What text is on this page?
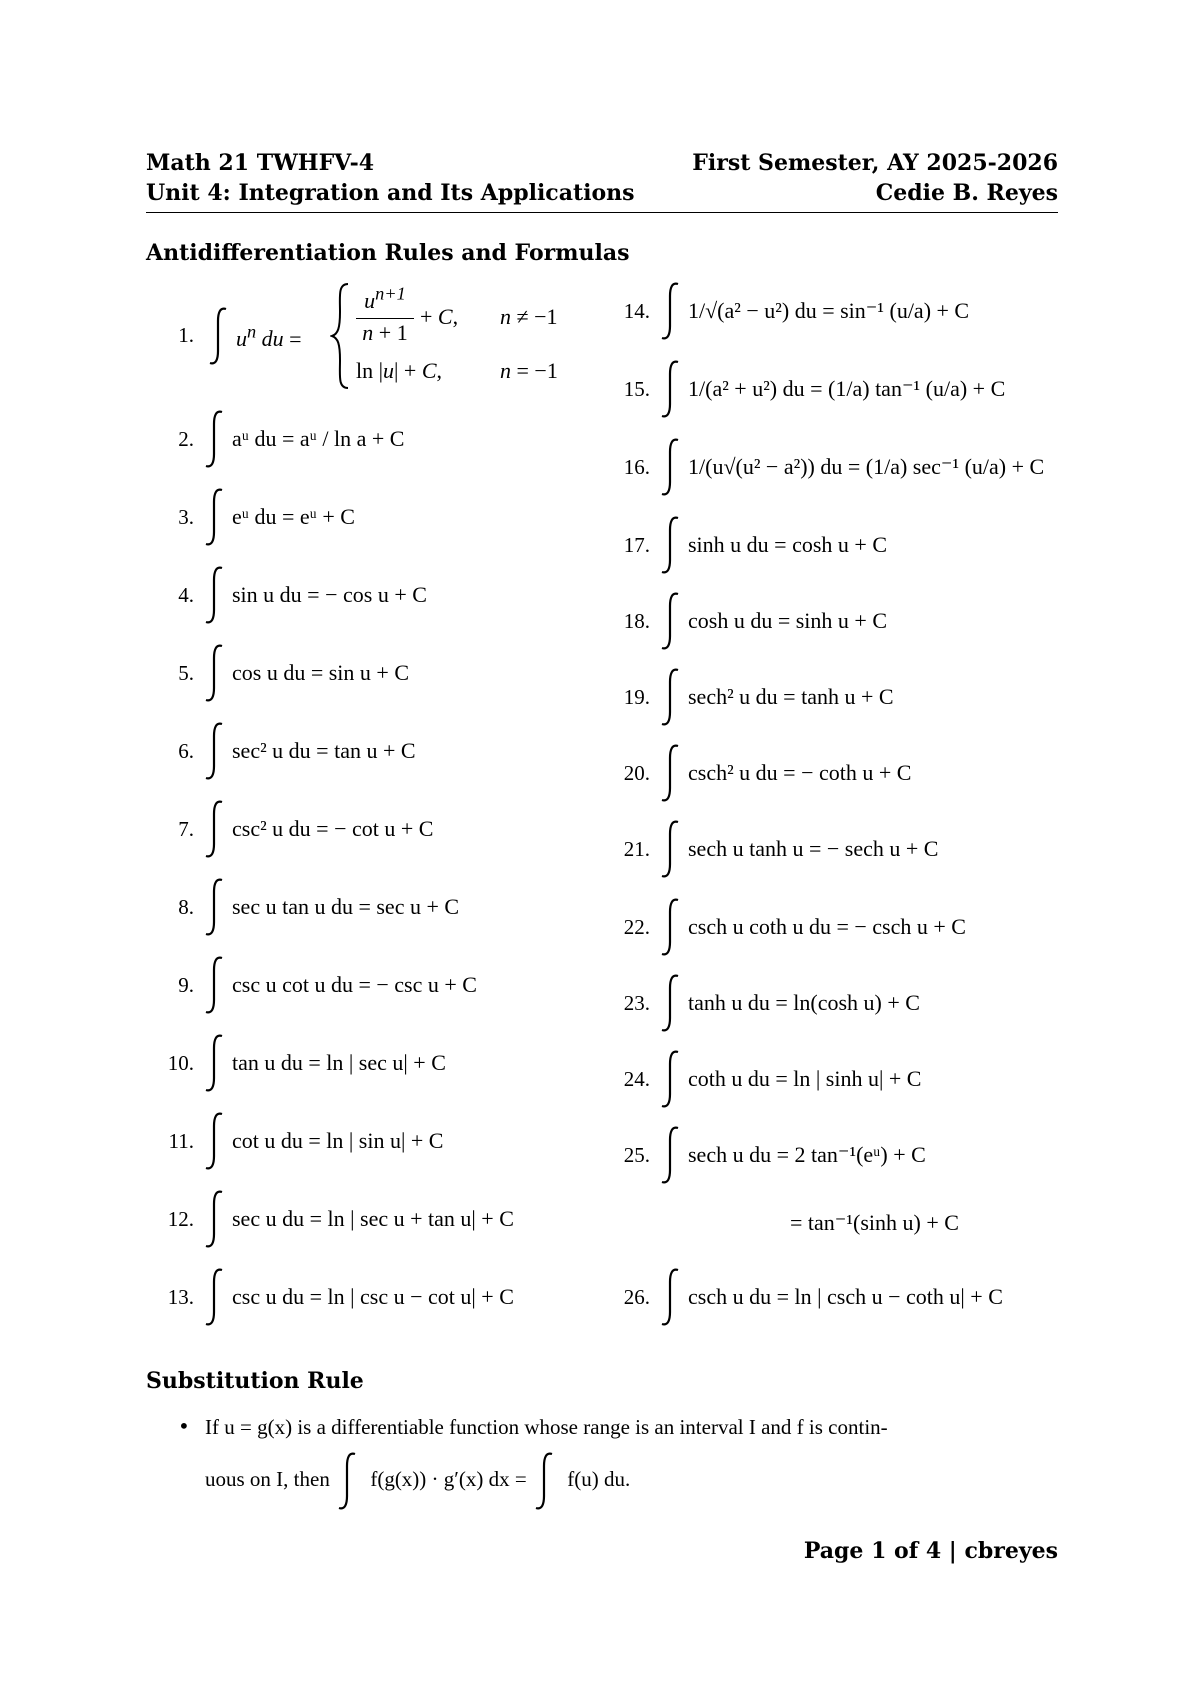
Math 21 TWHFV-4	First Semester, AY 2025-2026
Unit 4: Integration and Its Applications	Cedie B. Reyes
Antidifferentiation Rules and Formulas
1. $u^n$ du =
$u^{n+1}$
n + 1
+ C, n ≠ −1
ln |u| + C,	n = −1
2. aᵘ du = aᵘ / ln a + C
3. eᵘ du = eᵘ + C
4. sin u du = − cos u + C
5. cos u du = sin u + C
6. sec² u du = tan u + C
7. csc² u du = − cot u + C
8. sec u tan u du = sec u + C
9. csc u cot u du = − csc u + C
10. tan u du = ln | sec u| + C
11. cot u du = ln | sin u| + C
12. sec u du = ln | sec u + tan u| + C
13. csc u du = ln | csc u − cot u| + C
14. 1/√(a² − u²) du = sin⁻¹ (u/a) + C
15. 1/(a² + u²) du = (1/a) tan⁻¹ (u/a) + C
16. 1/(u√(u² − a²)) du = (1/a) sec⁻¹ (u/a) + C
17. sinh u du = cosh u + C
18. cosh u du = sinh u + C
19. sech² u du = tanh u + C
20. csch² u du = − coth u + C
21. sech u tanh u = − sech u + C
22. csch u coth u du = − csch u + C
23. tanh u du = ln(cosh u) + C
24. coth u du = ln | sinh u| + C
25. sech u du = 2 tan⁻¹(eᵘ) + C
= tan⁻¹(sinh u) + C
26. csch u du = ln | csch u − coth u| + C
Substitution Rule
• If u = g(x) is a differentiable function whose range is an interval I and f is contin-
uous on I, then f(g(x)) · g′(x) dx = f(u) du.
Page 1 of 4 | cbreyes
